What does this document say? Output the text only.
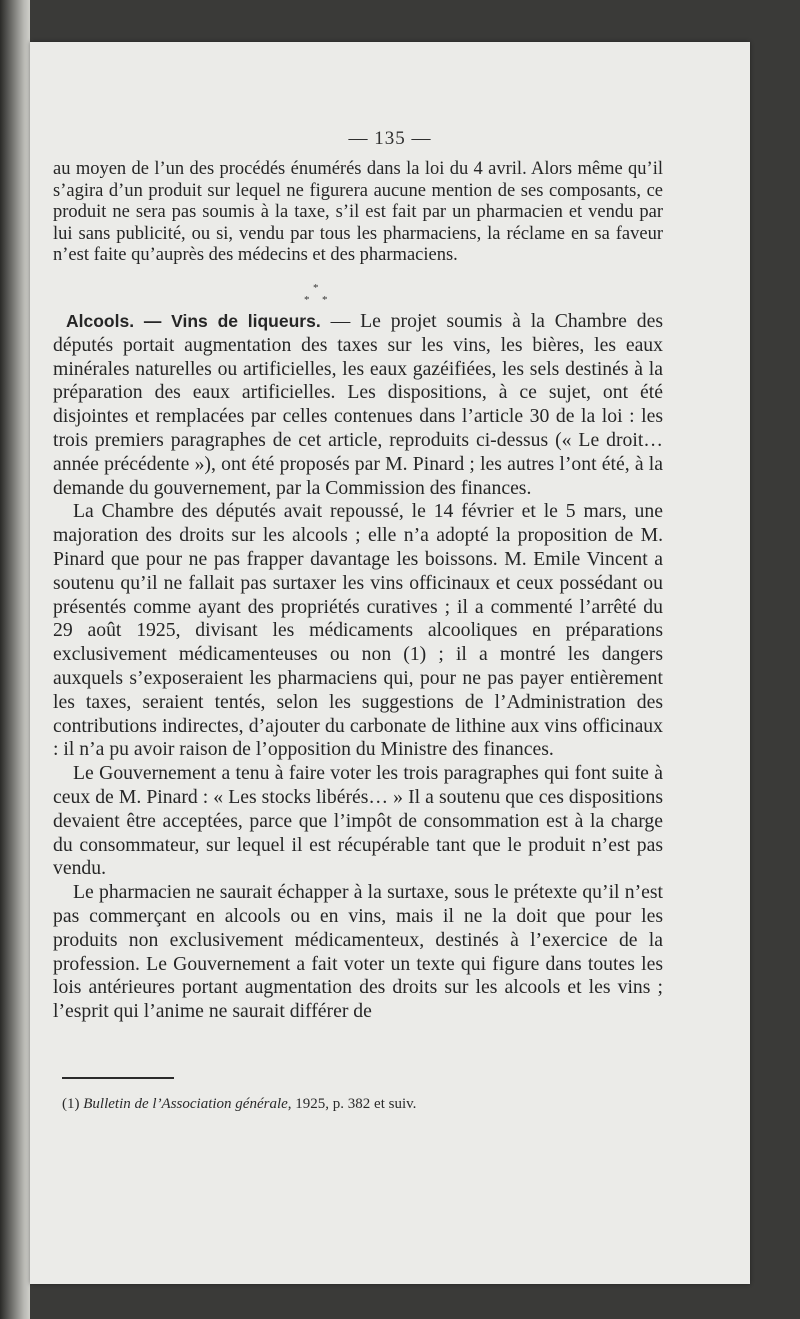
— 135 —
au moyen de l’un des procédés énumérés dans la loi du 4 avril. Alors même qu’il s’agira d’un produit sur lequel ne figurera aucune mention de ses composants, ce produit ne sera pas soumis à la taxe, s’il est fait par un pharmacien et vendu par lui sans publicité, ou si, vendu par tous les pharmaciens, la réclame en sa faveur n’est faite qu’auprès des médecins et des pharmaciens.
*
* *

Alcools. — Vins de liqueurs. — Le projet soumis à la Chambre des députés portait augmentation des taxes sur les vins, les bières, les eaux minérales naturelles ou artificielles, les eaux gazéifiées, les sels destinés à la préparation des eaux artificielles. Les dispositions, à ce sujet, ont été disjointes et remplacées par celles contenues dans l’article 30 de la loi : les trois premiers paragraphes de cet article, reproduits ci-dessus (« Le droit… année précédente »), ont été proposés par M. Pinard ; les autres l’ont été, à la demande du gouvernement, par la Commission des finances.

La Chambre des députés avait repoussé, le 14 février et le 5 mars, une majoration des droits sur les alcools ; elle n’a adopté la proposition de M. Pinard que pour ne pas frapper davantage les boissons. M. Emile Vincent a soutenu qu’il ne fallait pas surtaxer les vins officinaux et ceux possédant ou présentés comme ayant des propriétés curatives ; il a commenté l’arrêté du 29 août 1925, divisant les médicaments alcooliques en préparations exclusivement médicamenteuses ou non (1) ; il a montré les dangers auxquels s’exposeraient les pharmaciens qui, pour ne pas payer entièrement les taxes, seraient tentés, selon les suggestions de l’Administration des contributions indirectes, d’ajouter du carbonate de lithine aux vins officinaux : il n’a pu avoir raison de l’opposition du Ministre des finances.

Le Gouvernement a tenu à faire voter les trois paragraphes qui font suite à ceux de M. Pinard : « Les stocks libérés… » Il a soutenu que ces dispositions devaient être acceptées, parce que l’impôt de consommation est à la charge du consommateur, sur lequel il est récupérable tant que le produit n’est pas vendu.

Le pharmacien ne saurait échapper à la surtaxe, sous le prétexte qu’il n’est pas commerçant en alcools ou en vins, mais il ne la doit que pour les produits non exclusivement médicamenteux, destinés à l’exercice de la profession. Le Gouvernement a fait voter un texte qui figure dans toutes les lois antérieures portant augmentation des droits sur les alcools et les vins ; l’esprit qui l’anime ne saurait différer de

(1) Bulletin de l’Association générale, 1925, p. 382 et suiv.
